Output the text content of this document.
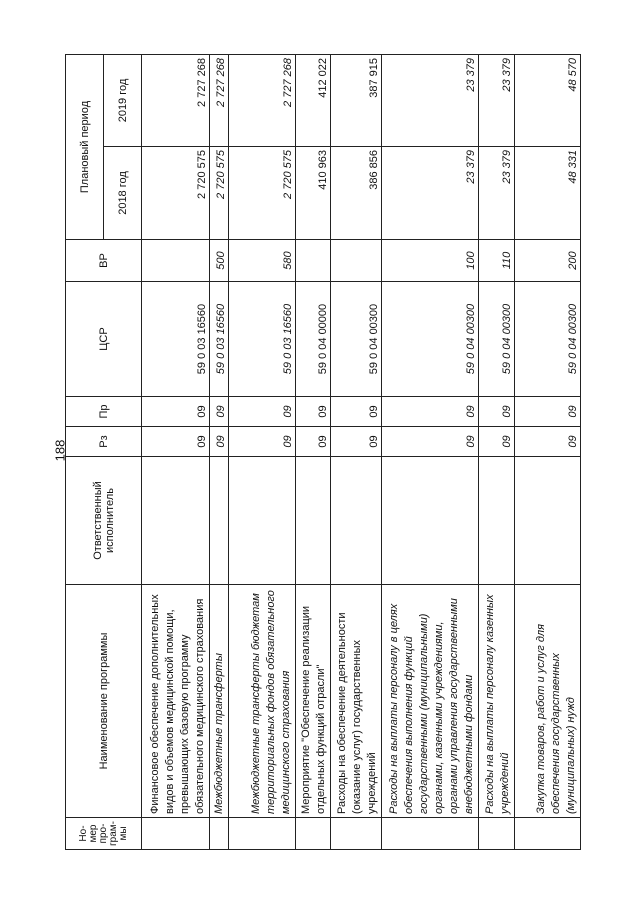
188
Но-мер про-грам-мы	Наименование программы	Ответственный исполнитель	Рз	Пр	ЦСР	ВР	Плановый период	
							2018 год	2019 год
	Финансовое обеспечение дополнительных видов и объемов медицинской помощи, превышающих базовую программу обязательного медицинского страхования		09	09	59 0 03 16560		2 720 575	2 727 268
	Межбюджетные трансферты		09	09	59 0 03 16560	500	2 720 575	2 727 268
	Межбюджетные трансферты бюджетам территориальных фондов обязательного медицинского страхования		09	09	59 0 03 16560	580	2 720 575	2 727 268
	Мероприятие "Обеспечение реализации отдельных функций отрасли"		09	09	59 0 04 00000		410 963	412 022
	Расходы на обеспечение деятельности (оказание услуг) государственных учреждений		09	09	59 0 04 00300		386 856	387 915
	Расходы на выплаты персоналу в целях обеспечения выполнения функций государственными (муниципальными) органами, казенными учреждениями, органами управления государственными внебюджетными фондами		09	09	59 0 04 00300	100	23 379	23 379
	Расходы на выплаты персоналу казенных учреждений		09	09	59 0 04 00300	110	23 379	23 379
	Закупка товаров, работ и услуг для обеспечения государственных (муниципальных) нужд		09	09	59 0 04 00300	200	48 331	48 570
